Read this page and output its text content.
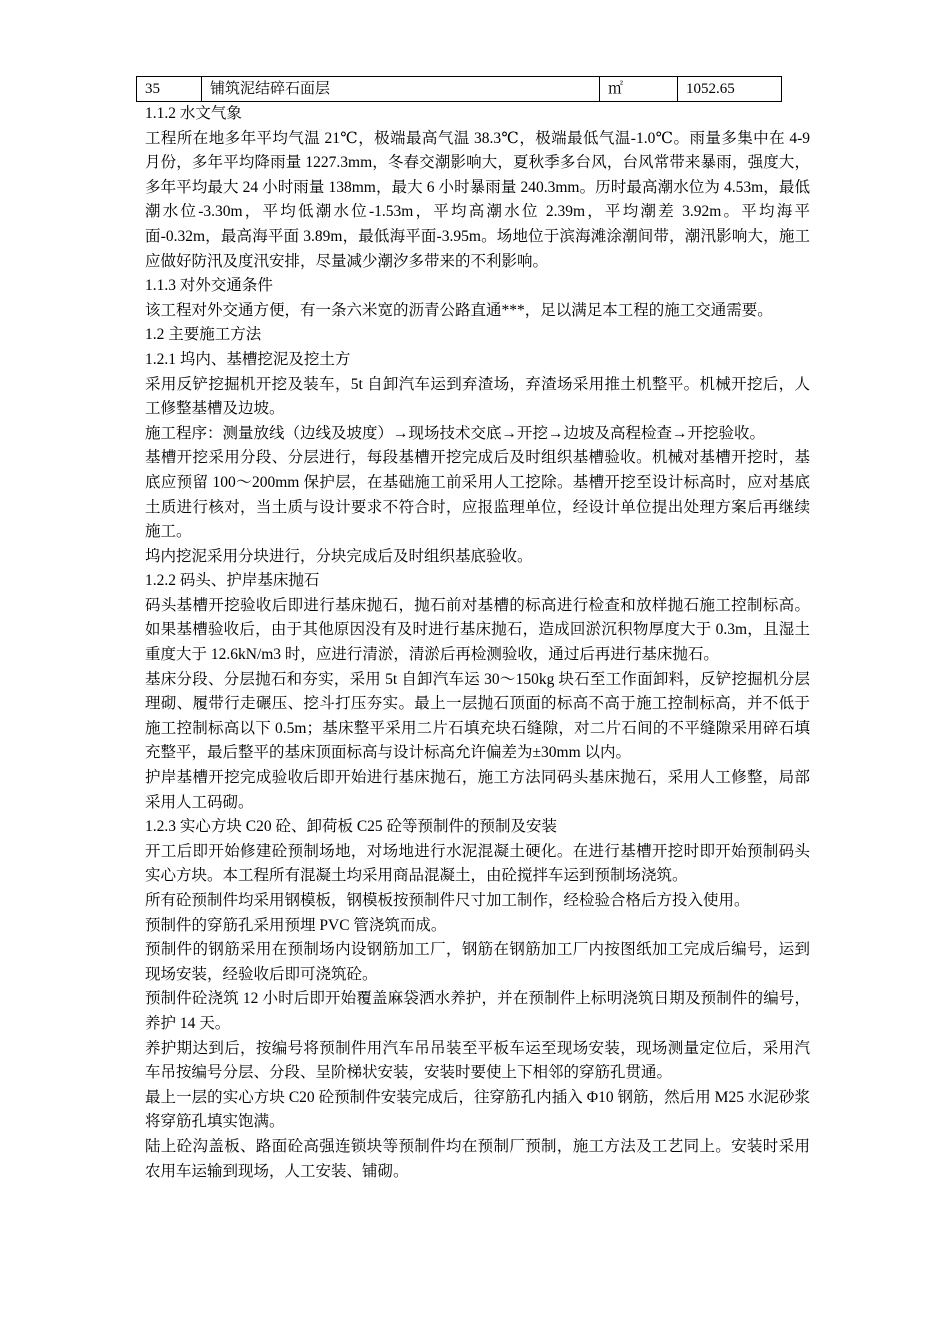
35	铺筑泥结碎石面层	㎡	1052.65

1.1.2 水文气象

工程所在地多年平均气温 21℃，极端最高气温 38.3℃，极端最低气温-1.0℃。雨量多集中在 4-9 月份，多年平均降雨量 1227.3mm，冬春交潮影响大，夏秋季多台风，台风常带来暴雨，强度大，多年平均最大 24 小时雨量 138mm，最大 6 小时暴雨量 240.3mm。历时最高潮水位为 4.53m，最低潮水位-3.30m，平均低潮水位-1.53m，平均高潮水位 2.39m，平均潮差 3.92m。平均海平面-0.32m，最高海平面 3.89m，最低海平面-3.95m。场地位于滨海滩涂潮间带，潮汛影响大，施工应做好防汛及度汛安排，尽量减少潮汐多带来的不利影响。

1.1.3 对外交通条件

该工程对外交通方便，有一条六米宽的沥青公路直通***，足以满足本工程的施工交通需要。

1.2 主要施工方法

1.2.1 坞内、基槽挖泥及挖土方

采用反铲挖掘机开挖及装车，5t 自卸汽车运到弃渣场，弃渣场采用推土机整平。机械开挖后，人工修整基槽及边坡。

施工程序：测量放线（边线及坡度）→现场技术交底→开挖→边坡及高程检查→开挖验收。

基槽开挖采用分段、分层进行，每段基槽开挖完成后及时组织基槽验收。机械对基槽开挖时，基底应预留 100～200mm 保护层，在基础施工前采用人工挖除。基槽开挖至设计标高时，应对基底土质进行核对，当土质与设计要求不符合时，应报监理单位，经设计单位提出处理方案后再继续施工。

坞内挖泥采用分块进行，分块完成后及时组织基底验收。

1.2.2 码头、护岸基床抛石

码头基槽开挖验收后即进行基床抛石，抛石前对基槽的标高进行检查和放样抛石施工控制标高。如果基槽验收后，由于其他原因没有及时进行基床抛石，造成回淤沉积物厚度大于 0.3m，且湿土重度大于 12.6kN/m3 时，应进行清淤，清淤后再检测验收，通过后再进行基床抛石。

基床分段、分层抛石和夯实，采用 5t 自卸汽车运 30～150kg 块石至工作面卸料，反铲挖掘机分层理砌、履带行走碾压、挖斗打压夯实。最上一层抛石顶面的标高不高于施工控制标高，并不低于施工控制标高以下 0.5m；基床整平采用二片石填充块石缝隙，对二片石间的不平缝隙采用碎石填充整平，最后整平的基床顶面标高与设计标高允许偏差为±30mm 以内。

护岸基槽开挖完成验收后即开始进行基床抛石，施工方法同码头基床抛石，采用人工修整，局部采用人工码砌。

1.2.3 实心方块 C20 砼、卸荷板 C25 砼等预制件的预制及安装

开工后即开始修建砼预制场地，对场地进行水泥混凝土硬化。在进行基槽开挖时即开始预制码头实心方块。本工程所有混凝土均采用商品混凝土，由砼搅拌车运到预制场浇筑。

所有砼预制件均采用钢模板，钢模板按预制件尺寸加工制作，经检验合格后方投入使用。

预制件的穿筋孔采用预埋 PVC 管浇筑而成。

预制件的钢筋采用在预制场内设钢筋加工厂，钢筋在钢筋加工厂内按图纸加工完成后编号，运到现场安装，经验收后即可浇筑砼。

预制件砼浇筑 12 小时后即开始覆盖麻袋洒水养护，并在预制件上标明浇筑日期及预制件的编号，养护 14 天。

养护期达到后，按编号将预制件用汽车吊吊装至平板车运至现场安装，现场测量定位后，采用汽车吊按编号分层、分段、呈阶梯状安装，安装时要使上下相邻的穿筋孔贯通。

最上一层的实心方块 C20 砼预制件安装完成后，往穿筋孔内插入 Φ10 钢筋，然后用 M25 水泥砂浆将穿筋孔填实饱满。

陆上砼沟盖板、路面砼高强连锁块等预制件均在预制厂预制，施工方法及工艺同上。安装时采用农用车运输到现场，人工安装、铺砌。
